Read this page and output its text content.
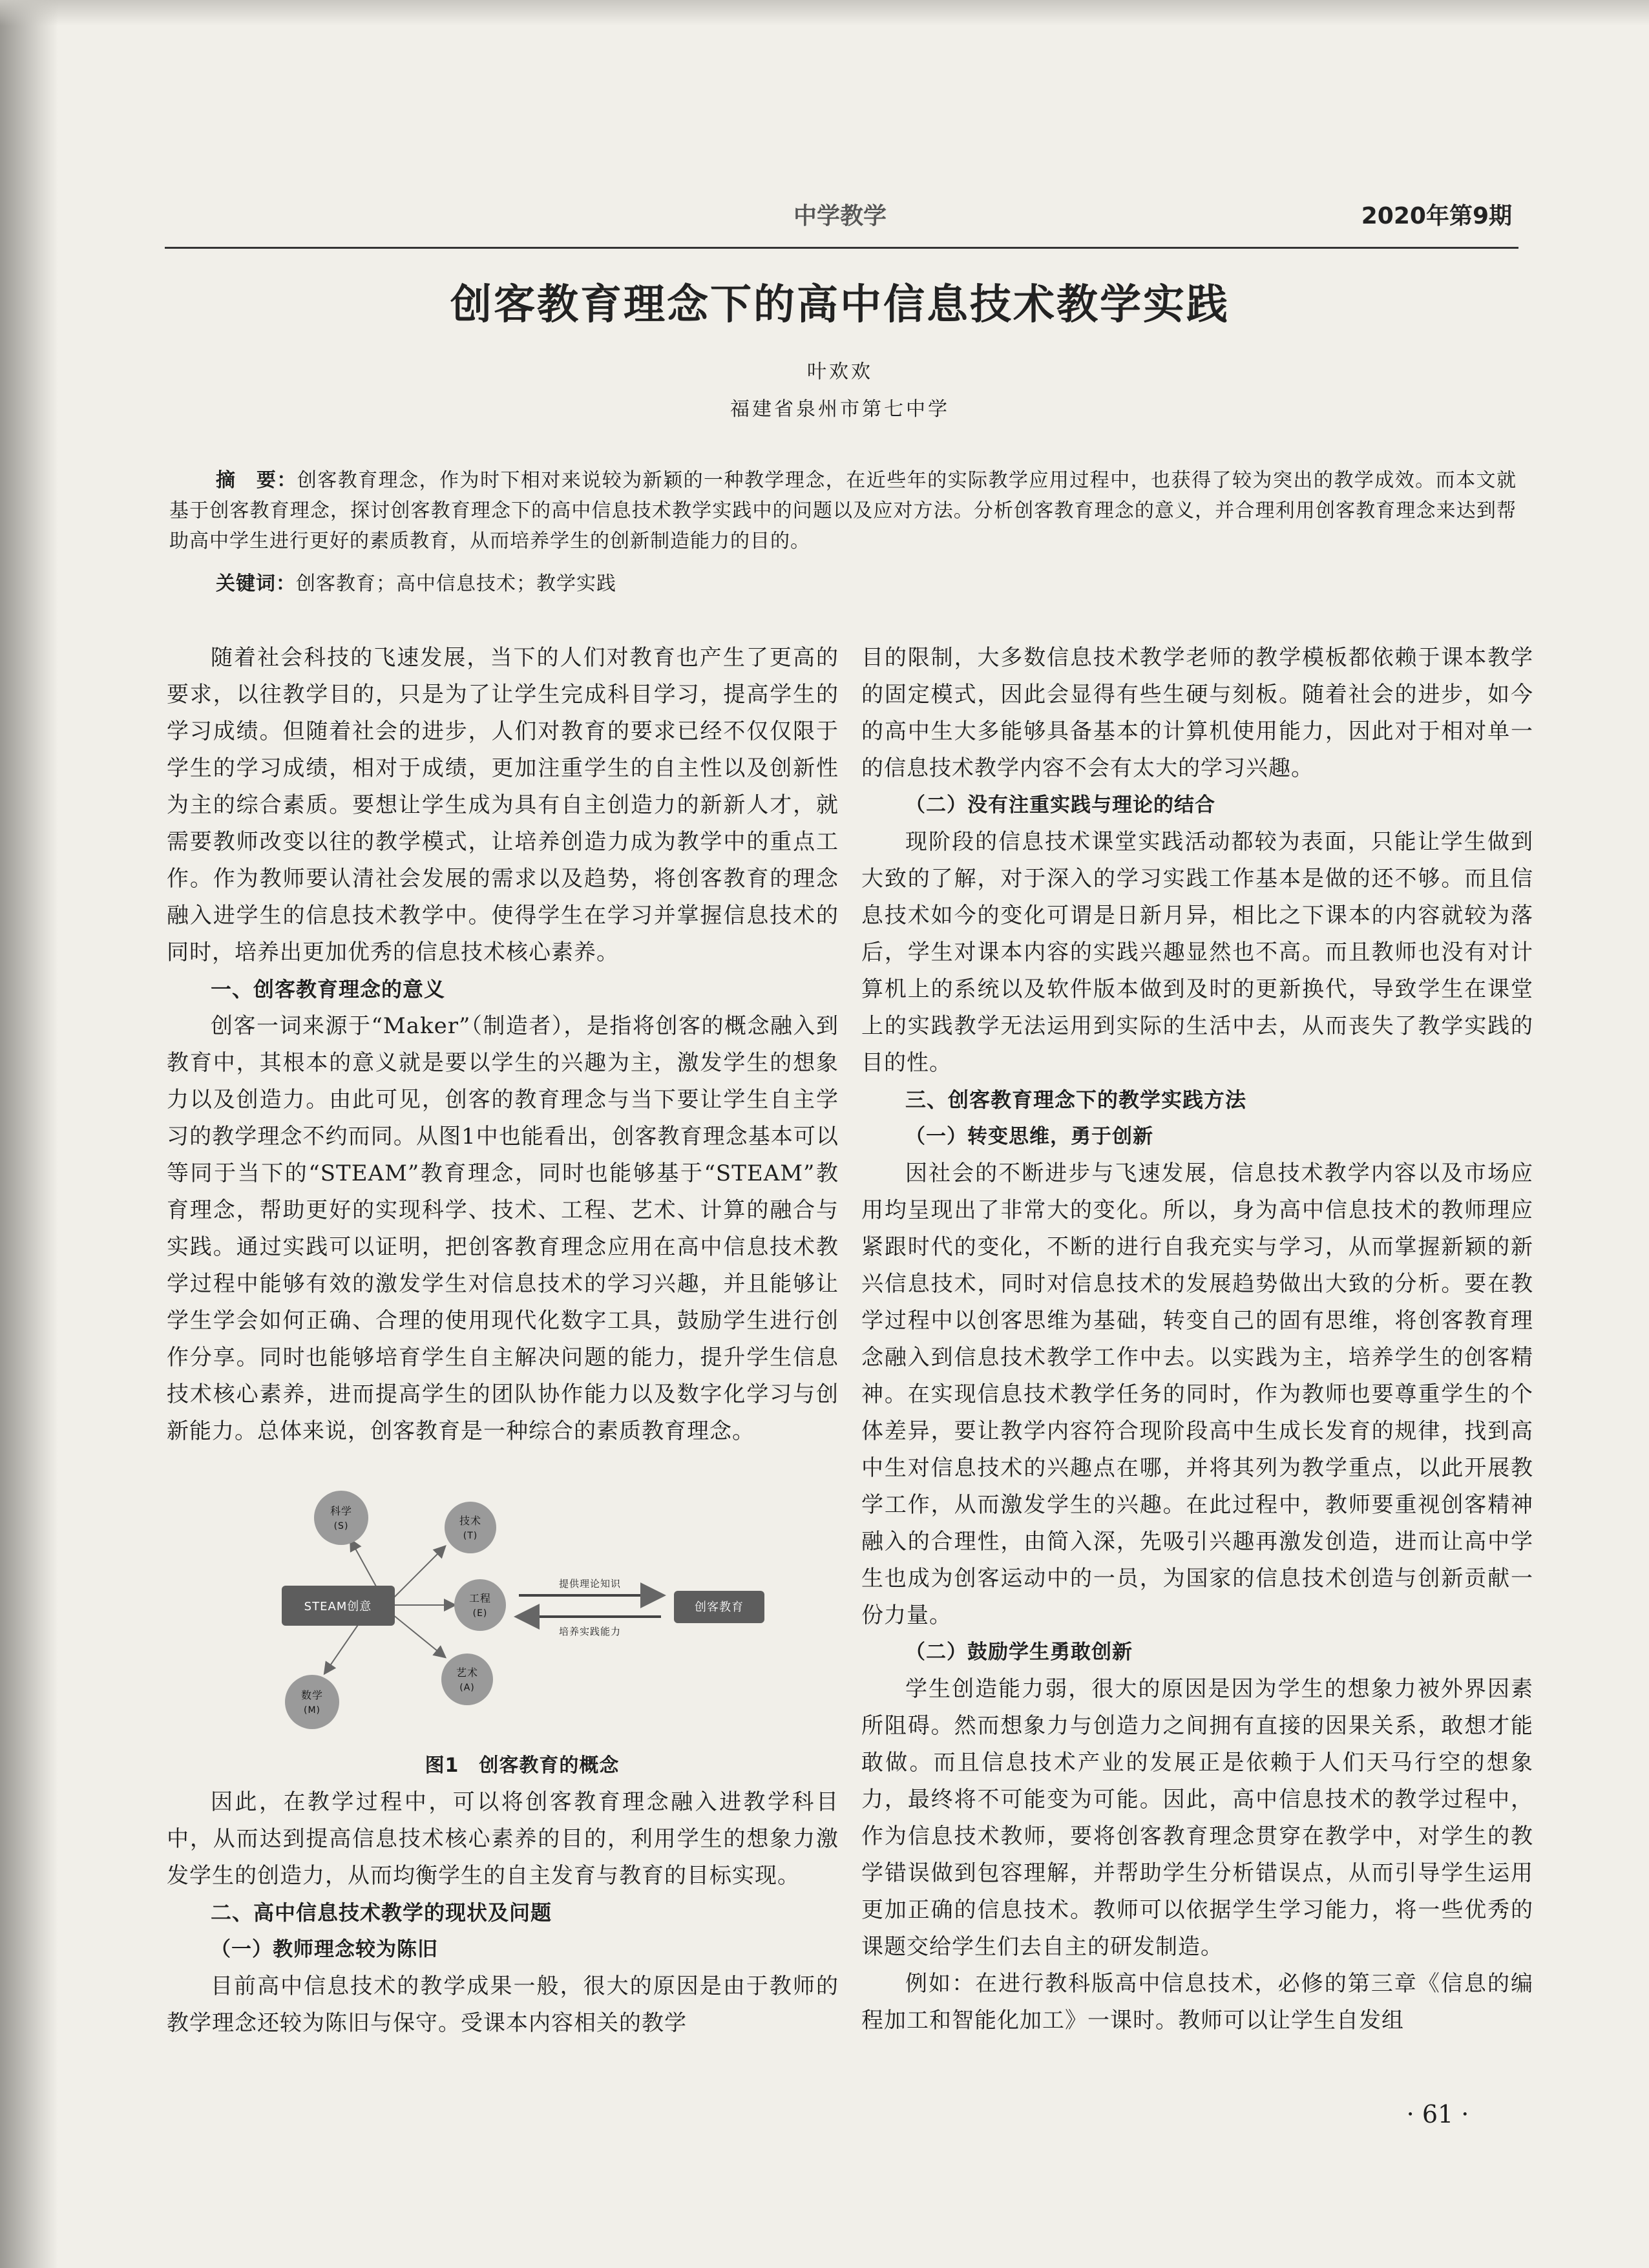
中学教学	2020年第9期
创客教育理念下的高中信息技术教学实践
叶欢欢
福建省泉州市第七中学
摘　要：创客教育理念，作为时下相对来说较为新颖的一种教学理念，在近些年的实际教学应用过程中，也获得了较为突出的教学成效。而本文就基于创客教育理念，探讨创客教育理念下的高中信息技术教学实践中的问题以及应对方法。分析创客教育理念的意义，并合理利用创客教育理念来达到帮助高中学生进行更好的素质教育，从而培养学生的创新制造能力的目的。
关键词：创客教育；高中信息技术；教学实践

随着社会科技的飞速发展，当下的人们对教育也产生了更高的要求，以往教学目的，只是为了让学生完成科目学习，提高学生的学习成绩。但随着社会的进步，人们对教育的要求已经不仅仅限于学生的学习成绩，相对于成绩，更加注重学生的自主性以及创新性为主的综合素质。要想让学生成为具有自主创造力的新新人才，就需要教师改变以往的教学模式，让培养创造力成为教学中的重点工作。作为教师要认清社会发展的需求以及趋势，将创客教育的理念融入进学生的信息技术教学中。使得学生在学习并掌握信息技术的同时，培养出更加优秀的信息技术核心素养。

一、创客教育理念的意义

创客一词来源于“Maker”（制造者），是指将创客的概念融入到教育中，其根本的意义就是要以学生的兴趣为主，激发学生的想象力以及创造力。由此可见，创客的教育理念与当下要让学生自主学习的教学理念不约而同。从图1中也能看出，创客教育理念基本可以等同于当下的“STEAM”教育理念，同时也能够基于“STEAM”教育理念，帮助更好的实现科学、技术、工程、艺术、计算的融合与实践。通过实践可以证明，把创客教育理念应用在高中信息技术教学过程中能够有效的激发学生对信息技术的学习兴趣，并且能够让学生学会如何正确、合理的使用现代化数字工具，鼓励学生进行创作分享。同时也能够培育学生自主解决问题的能力，提升学生信息技术核心素养，进而提高学生的团队协作能力以及数字化学习与创新能力。总体来说，创客教育是一种综合的素质教育理念。

STEAM创意
科学
(S)	技术
(T)
工程
(E)
艺术
(A)
数学
(M)
提供理论知识
培养实践能力
创客教育

图1　创客教育的概念

因此，在教学过程中，可以将创客教育理念融入进教学科目中，从而达到提高信息技术核心素养的目的，利用学生的想象力激发学生的创造力，从而均衡学生的自主发育与教育的目标实现。

二、高中信息技术教学的现状及问题
（一）教师理念较为陈旧

目前高中信息技术的教学成果一般，很大的原因是由于教师的教学理念还较为陈旧与保守。受课本内容相关的教学

目的限制，大多数信息技术教学老师的教学模板都依赖于课本教学的固定模式，因此会显得有些生硬与刻板。随着社会的进步，如今的高中生大多能够具备基本的计算机使用能力，因此对于相对单一的信息技术教学内容不会有太大的学习兴趣。

（二）没有注重实践与理论的结合

现阶段的信息技术课堂实践活动都较为表面，只能让学生做到大致的了解，对于深入的学习实践工作基本是做的还不够。而且信息技术如今的变化可谓是日新月异，相比之下课本的内容就较为落后，学生对课本内容的实践兴趣显然也不高。而且教师也没有对计算机上的系统以及软件版本做到及时的更新换代，导致学生在课堂上的实践教学无法运用到实际的生活中去，从而丧失了教学实践的目的性。

三、创客教育理念下的教学实践方法
（一）转变思维，勇于创新

因社会的不断进步与飞速发展，信息技术教学内容以及市场应用均呈现出了非常大的变化。所以，身为高中信息技术的教师理应紧跟时代的变化，不断的进行自我充实与学习，从而掌握新颖的新兴信息技术，同时对信息技术的发展趋势做出大致的分析。要在教学过程中以创客思维为基础，转变自己的固有思维，将创客教育理念融入到信息技术教学工作中去。以实践为主，培养学生的创客精神。在实现信息技术教学任务的同时，作为教师也要尊重学生的个体差异，要让教学内容符合现阶段高中生成长发育的规律，找到高中生对信息技术的兴趣点在哪，并将其列为教学重点，以此开展教学工作，从而激发学生的兴趣。在此过程中，教师要重视创客精神融入的合理性，由简入深，先吸引兴趣再激发创造，进而让高中学生也成为创客运动中的一员，为国家的信息技术创造与创新贡献一份力量。

（二）鼓励学生勇敢创新

学生创造能力弱，很大的原因是因为学生的想象力被外界因素所阻碍。然而想象力与创造力之间拥有直接的因果关系，敢想才能敢做。而且信息技术产业的发展正是依赖于人们天马行空的想象力，最终将不可能变为可能。因此，高中信息技术的教学过程中，作为信息技术教师，要将创客教育理念贯穿在教学中，对学生的教学错误做到包容理解，并帮助学生分析错误点，从而引导学生运用更加正确的信息技术。教师可以依据学生学习能力，将一些优秀的课题交给学生们去自主的研发制造。

例如：在进行教科版高中信息技术，必修的第三章《信息的编程加工和智能化加工》一课时。教师可以让学生自发组

· 61 ·
